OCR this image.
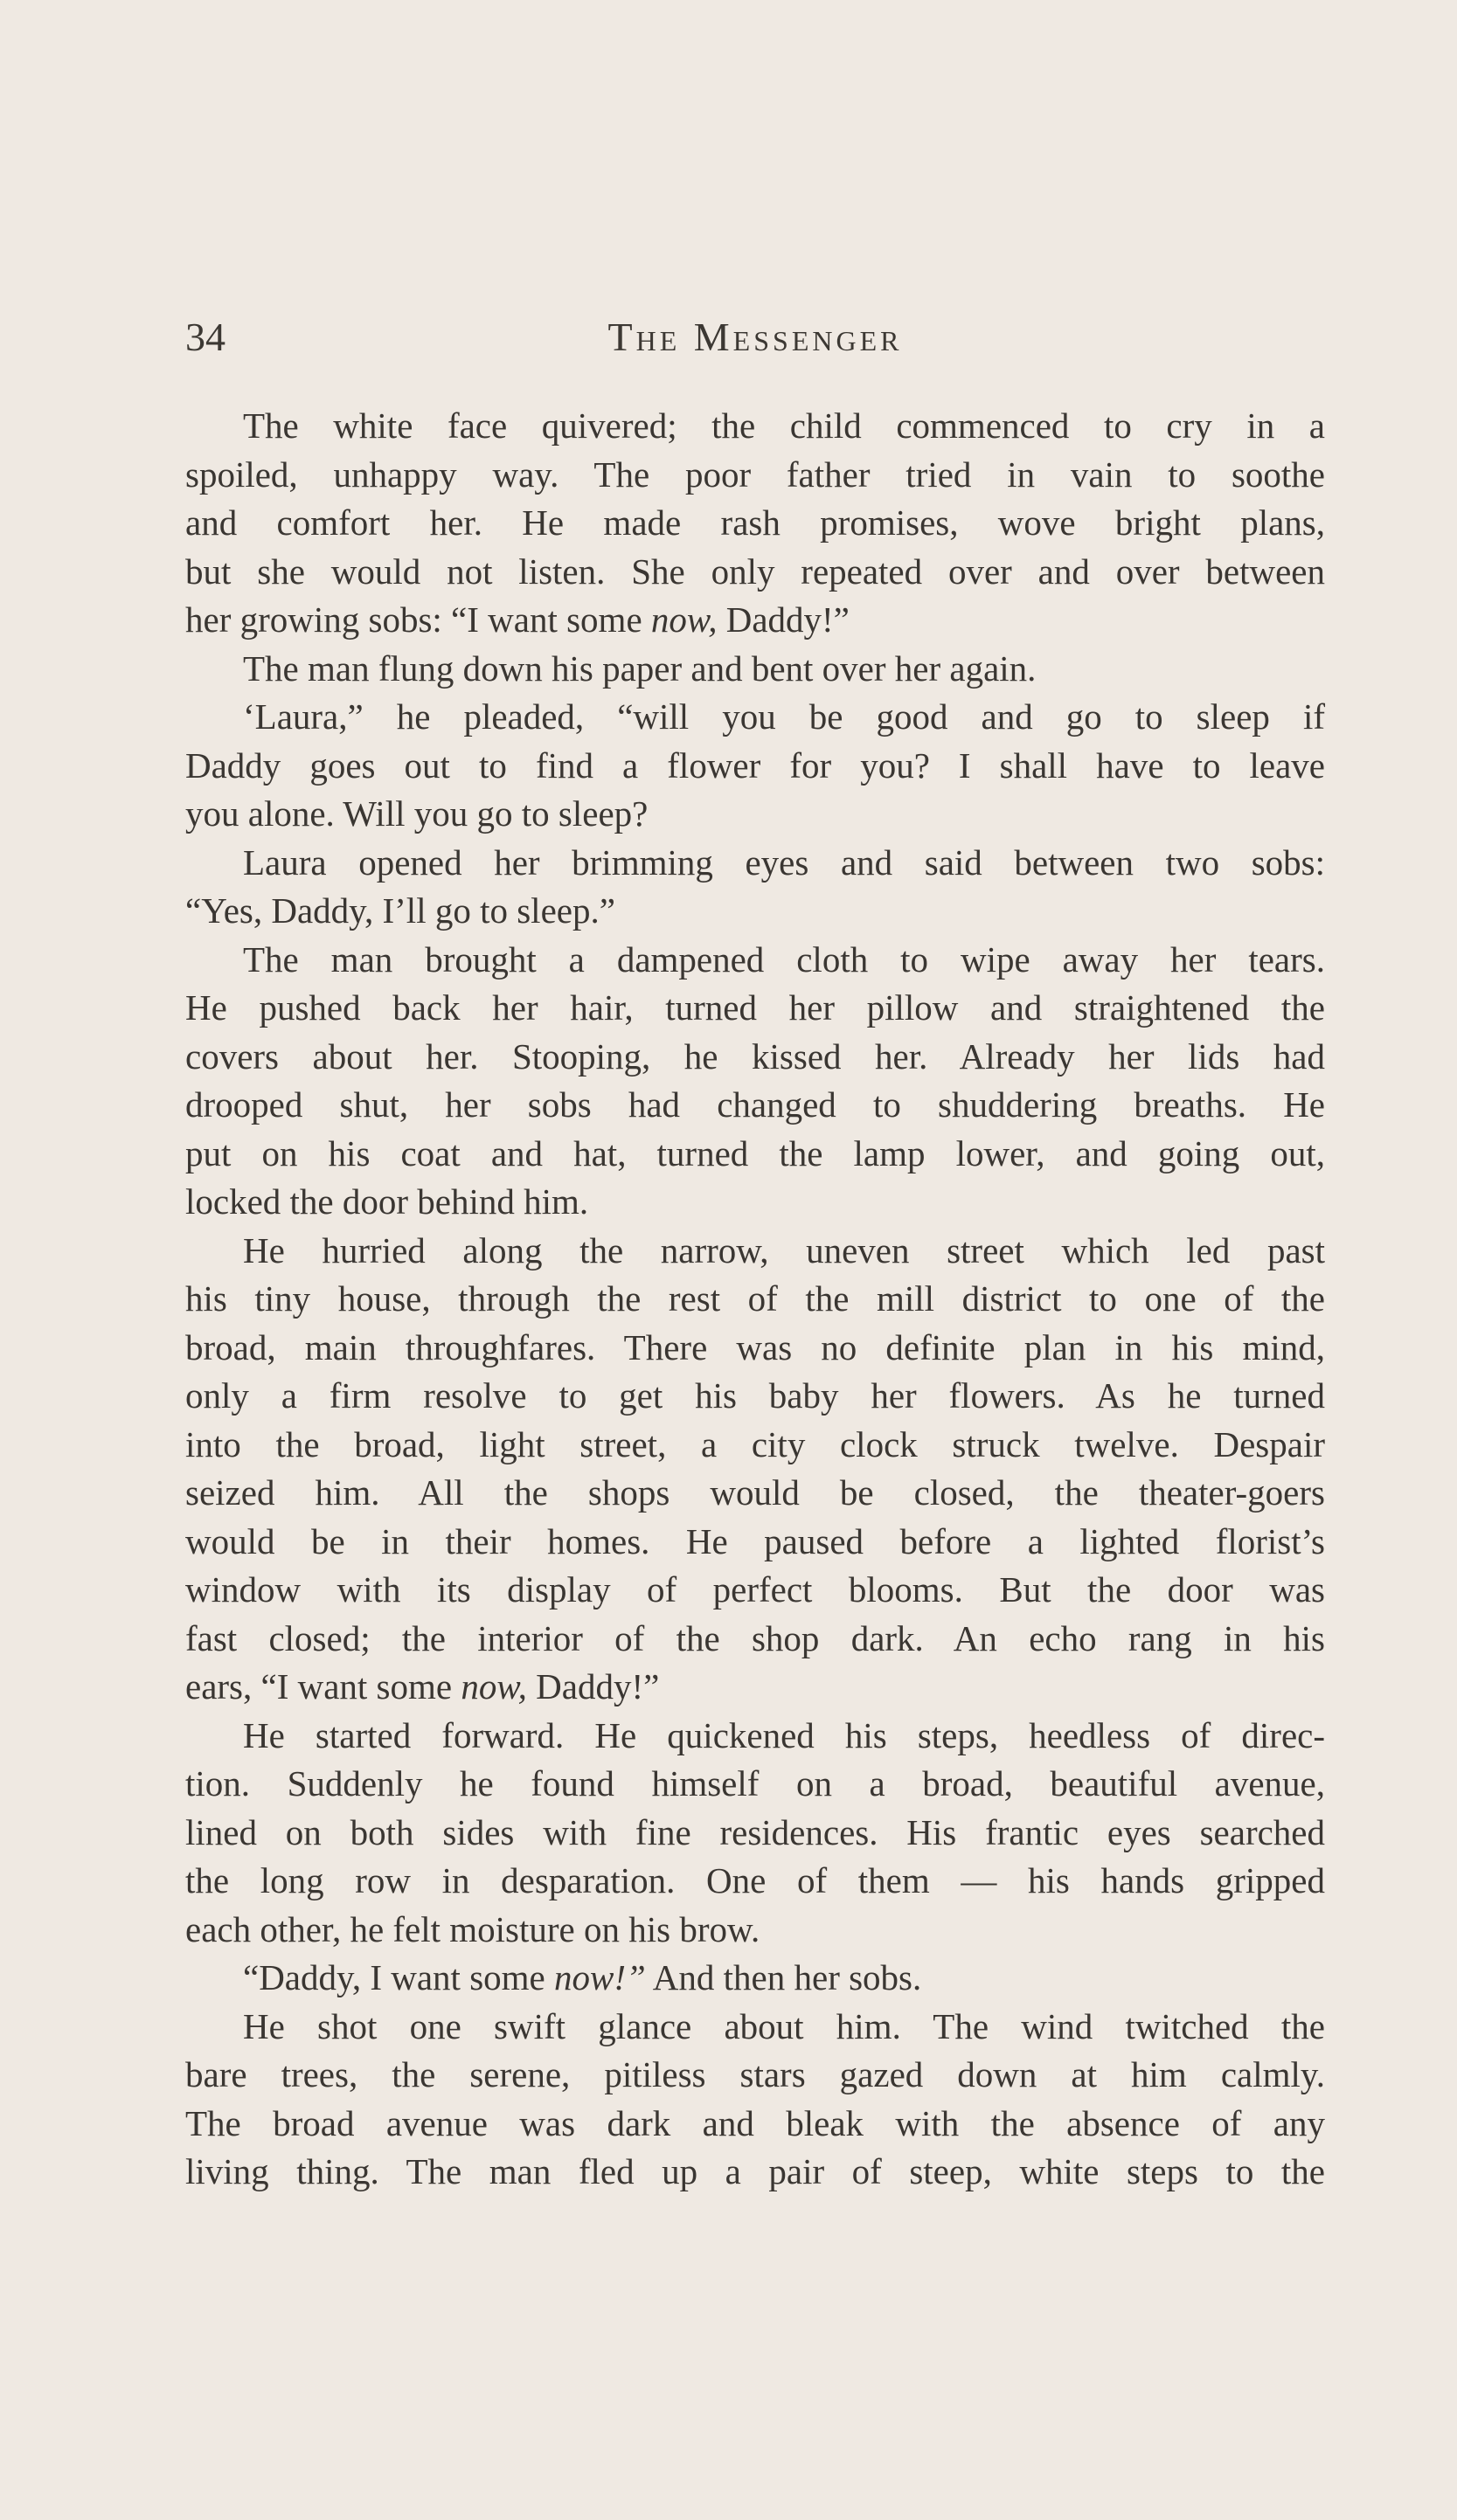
34	The Messenger
The white face quivered; the child commenced to cry in a
spoiled, unhappy way. The poor father tried in vain to soothe
and comfort her. He made rash promises, wove bright plans,
but she would not listen. She only repeated over and over between
her growing sobs: “I want some now, Daddy!”
The man flung down his paper and bent over her again.
‘Laura,” he pleaded, “will you be good and go to sleep if
Daddy goes out to find a flower for you? I shall have to leave
you alone. Will you go to sleep?
Laura opened her brimming eyes and said between two sobs:
“Yes, Daddy, I’ll go to sleep.”
The man brought a dampened cloth to wipe away her tears.
He pushed back her hair, turned her pillow and straightened the
covers about her. Stooping, he kissed her. Already her lids had
drooped shut, her sobs had changed to shuddering breaths. He
put on his coat and hat, turned the lamp lower, and going out,
locked the door behind him.
He hurried along the narrow, uneven street which led past
his tiny house, through the rest of the mill district to one of the
broad, main throughfares. There was no definite plan in his mind,
only a firm resolve to get his baby her flowers. As he turned
into the broad, light street, a city clock struck twelve. Despair
seized him. All the shops would be closed, the theater-goers
would be in their homes. He paused before a lighted florist’s
window with its display of perfect blooms. But the door was
fast closed; the interior of the shop dark. An echo rang in his
ears, “I want some now, Daddy!”
He started forward. He quickened his steps, heedless of direc-
tion. Suddenly he found himself on a broad, beautiful avenue,
lined on both sides with fine residences. His frantic eyes searched
the long row in desparation. One of them — his hands gripped
each other, he felt moisture on his brow.
“Daddy, I want some now!” And then her sobs.
He shot one swift glance about him. The wind twitched the
bare trees, the serene, pitiless stars gazed down at him calmly.
The broad avenue was dark and bleak with the absence of any
living thing. The man fled up a pair of steep, white steps to the
